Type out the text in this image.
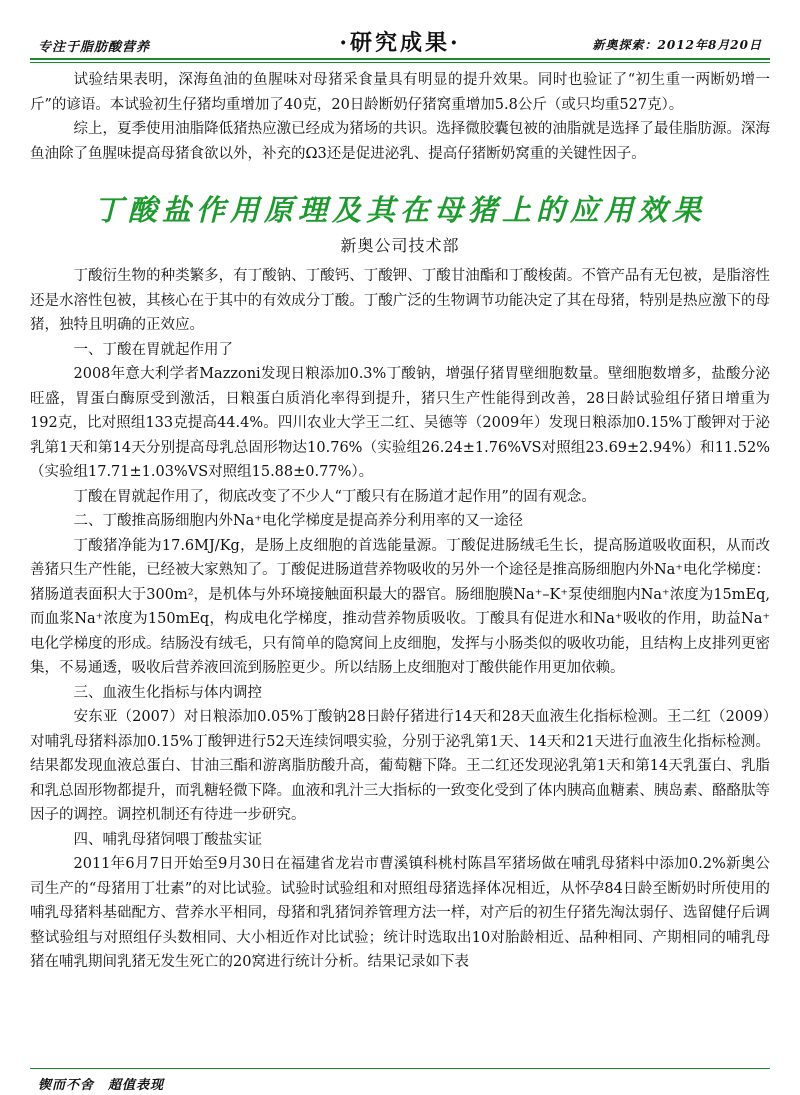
专注于脂肪酸营养	·研究成果·	新奥探索：2012年8月20日

试验结果表明，深海鱼油的鱼腥味对母猪采食量具有明显的提升效果。同时也验证了“初生重一两断奶增一斤”的谚语。本试验初生仔猪均重增加了40克，20日龄断奶仔猪窝重增加5.8公斤（或只均重527克）。

综上，夏季使用油脂降低猪热应激已经成为猪场的共识。选择微胶囊包被的油脂就是选择了最佳脂肪源。深海鱼油除了鱼腥味提高母猪食欲以外，补充的Ω3还是促进泌乳、提高仔猪断奶窝重的关键性因子。

丁酸盐作用原理及其在母猪上的应用效果
新奥公司技术部

丁酸衍生物的种类繁多，有丁酸钠、丁酸钙、丁酸钾、丁酸甘油酯和丁酸梭菌。不管产品有无包被，是脂溶性还是水溶性包被，其核心在于其中的有效成分丁酸。丁酸广泛的生物调节功能决定了其在母猪，特别是热应激下的母猪，独特且明确的正效应。

一、丁酸在胃就起作用了

2008年意大利学者Mazzoni发现日粮添加0.3%丁酸钠，增强仔猪胃壁细胞数量。壁细胞数增多，盐酸分泌旺盛，胃蛋白酶原受到激活，日粮蛋白质消化率得到提升，猪只生产性能得到改善，28日龄试验组仔猪日增重为192克，比对照组133克提高44.4%。四川农业大学王二红、吴德等（2009年）发现日粮添加0.15%丁酸钾对于泌乳第1天和第14天分别提高母乳总固形物达10.76%（实验组26.24±1.76%VS对照组23.69±2.94%）和11.52%（实验组17.71±1.03%VS对照组15.88±0.77%）。

丁酸在胃就起作用了，彻底改变了不少人“丁酸只有在肠道才起作用”的固有观念。

二、丁酸推高肠细胞内外Na⁺电化学梯度是提高养分利用率的又一途径

丁酸猪净能为17.6MJ/Kg，是肠上皮细胞的首选能量源。丁酸促进肠绒毛生长，提高肠道吸收面积，从而改善猪只生产性能，已经被大家熟知了。丁酸促进肠道营养物吸收的另外一个途径是推高肠细胞内外Na⁺电化学梯度：猪肠道表面积大于300m²，是机体与外环境接触面积最大的器官。肠细胞膜Na⁺–K⁺泵使细胞内Na⁺浓度为15mEq,而血浆Na⁺浓度为150mEq，构成电化学梯度，推动营养物质吸收。丁酸具有促进水和Na⁺吸收的作用，助益Na⁺电化学梯度的形成。结肠没有绒毛，只有简单的隐窝间上皮细胞，发挥与小肠类似的吸收功能，且结构上皮排列更密集，不易通透，吸收后营养液回流到肠腔更少。所以结肠上皮细胞对丁酸供能作用更加依赖。

三、血液生化指标与体内调控

安东亚（2007）对日粮添加0.05%丁酸钠28日龄仔猪进行14天和28天血液生化指标检测。王二红（2009）对哺乳母猪料添加0.15%丁酸钾进行52天连续饲喂实验，分别于泌乳第1天、14天和21天进行血液生化指标检测。结果都发现血液总蛋白、甘油三酯和游离脂肪酸升高，葡萄糖下降。王二红还发现泌乳第1天和第14天乳蛋白、乳脂和乳总固形物都提升，而乳糖轻微下降。血液和乳汁三大指标的一致变化受到了体内胰高血糖素、胰岛素、酪酪肽等因子的调控。调控机制还有待进一步研究。

四、哺乳母猪饲喂丁酸盐实证

2011年6月7日开始至9月30日在福建省龙岩市曹溪镇科桃村陈昌军猪场做在哺乳母猪料中添加0.2%新奥公司生产的“母猪用丁壮素”的对比试验。试验时试验组和对照组母猪选择体况相近，从怀孕84日龄至断奶时所使用的哺乳母猪料基础配方、营养水平相同，母猪和乳猪饲养管理方法一样，对产后的初生仔猪先淘汰弱仔、选留健仔后调整试验组与对照组仔头数相同、大小相近作对比试验；统计时选取出10对胎龄相近、品种相同、产期相同的哺乳母猪在哺乳期间乳猪无发生死亡的20窝进行统计分析。结果记录如下表

锲而不舍　超值表现
